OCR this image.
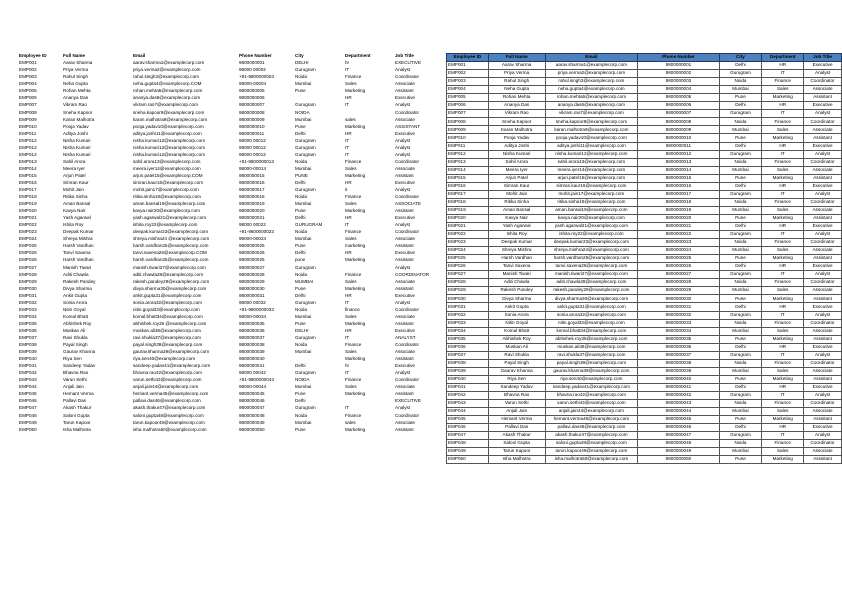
Employee ID	Full Name	Email	Phone Number	City	Department	Job Title
EMP001	Aarav Sharma	aarav.sharma1@examplecorp.com	9800000001	DELHI	hr	EXECUTIVE
EMP002	Priya Verma	priya.verma2@examplecorp.com	98000 00002	Gurugram	IT	Analyst
EMP003	Rahul Singh	rahul.singh3@examplecorp.com	+91-9800000003	Noida	Finance	Coordinator
EMP004	Neha Gupta	neha.gupta4@examplecorp.COM	98000-00004	Mumbai	Sales	Associate
EMP005	Rohan Mehta	rohan.mehta5@examplecorp.com	9800000005	Pune	Marketing	Assistant
EMP006	Ananya Das	ananya.das6@examplecorp.com	9800000006		HR	Executive
EMP007	Vikram Rao	vikram.rao7@examplecorp.com	9800000007	Gurugram	IT	Analyst
EMP008	Sneha Kapoor	sneha.kapoor8@examplecorp.com	9800000008	NOIDA		Coordinator
EMP009	Karan Malhotra	karan.malhotra9@examplecorp.com	9800000009	Mumbai	sales	Associate
EMP010	Pooja Yadav	pooja.yadav10@examplecorp.com	9800000010	Pune	Marketing	ASSISTANT
EMP011	Aditya Joshi	aditya.joshi11@examplecorp.com	9800000011	Delhi	HR	Executive
EMP012	Nisha Kumari	nisha.kumari12@examplecorp.com	98000 00012	Gurugram	IT	Analyst
EMP012	Nisha Kumari	nisha.kumari12@examplecorp.com	98000 00012	Gurugram	IT	Analyst
EMP012	Nisha Kumari	nisha.kumari12@examplecorp.com	98000 00012	Gurugram	IT	Analyst
EMP013	Sahil Arora	sahil.arora13@examplecorp.com	+91-9800000013	Noida	Finance	Coordinator
EMP014	Meera Iyer	meera.iyer14@examplecorp.com	98000-00014	Mumbai	Sales	Associate
EMP015	Arjun Patel	arjun.patel15@examplecorp.COM	9800000015	PUNE	Marketing	Assistant
EMP016	Simran Kaur	simran.kaur16@examplecorp.com	9800000016	Delhi	HR	Executive
EMP017	Mohit Jain	mohit.jain17@examplecorp.com	9800000017	Gurugram	it	Analyst
EMP018	Ritika Sinha	ritika.sinha18@examplecorp.com	9800000018	Noida	Finance	Coordinator
EMP019	Aman Bansal	aman.bansal19@examplecorp.com	9800000019	Mumbai	Sales	ASSOCIATE
EMP020	Kavya Nair	kavya.nair20@examplecorp.com	9800000020	Pune	Marketing	Assistant
EMP021	Yash Agarwal	yash.agarwal21@examplecorp.com	9800000021	Delhi	HR	Executive
EMP022	Ishita Roy	ishita.roy22@examplecorp.com	98000 00022	GURUGRAM	IT	Analyst
EMP023	Deepak Kumar	deepak.kumar23@examplecorp.com	+91-9800000023	Noida	Finance	Coordinator
EMP024	Shreya Mishra	shreya.mishra24 @examplecorp.com	98000-00024	Mumbai	Sales	Associate
EMP025	Harsh Vardhan	harsh.vardhan25@examplecorp.com	9800000025	Pune	marketing	Assistant
EMP026	Tanvi Saxena	tanvi.saxena26@examplecorp.COM	9800000026	Delhi	HR	Executive
EMP026	Harsh Vardhan	harsh.vardhan25@examplecorp.com	9800000025	pune	Marketing	Assistant
EMP027	Manish Tiwari	manish.tiwari27@examplecorp.com	9800000027	Gurugram		Analyst
EMP028	Aditi Chawla	aditi.chawla28@examplecorp.com	9800000028	Noida	Finance	COORDINATOR
EMP029	Rakesh Pandey	rakesh.pandey29@examplecorp.com	9800000029	MUMBAI	Sales	Associate
EMP030	Divya Sharma	divya.sharma30@examplecorp.com	9800000030	Pune	Marketing	Assistant
EMP031	Ankit Gupta	ankit.gupta31@examplecorp.com	9800000031	Delhi	HR	Executive
EMP032	Sonia Arora	sonia.arora32@examplecorp.com	98000 00032	Gurugram	IT	Analyst
EMP033	Nitin Goyal	nitin.goyal33@examplecorp.com	+91-9800000033	Noida	finance	Coordinator
EMP034	Komal Bhatt	komal.bhatt34@examplecorp.com	98000-00034	Mumbai	Sales	Associate
EMP035	Abhishek Roy	abhishek.roy35 @examplecorp.com	9800000035	Pune	Marketing	Assistant
EMP036	Muskan Ali	muskan.ali36@examplecorp.com	9800000036	DELHI	HR	Executive
EMP037	Ravi Shukla	ravi.shukla37@examplecorp.com	9800000037	Gurugram	IT	ANALYST
EMP038	Payal Singh	payal.singh38@examplecorp.com	9800000038	Noida	Finance	Coordinator
EMP039	Gaurav Khanna	gaurav.khanna39@examplecorp.com	9800000039	Mumbai	Sales	Associate
EMP040	Riya Sen	riya.sen40@examplecorp.com	9800000040		Marketing	Assistant
EMP041	Sandeep Yadav	sandeep.yadav41@examplecorp.com	9800000041	Delhi	hr	Executive
EMP042	Bhavna Rao	bhavna.rao42@examplecorp.com	98000 00042	Gurugram	IT	Analyst
EMP043	Varun Sethi	varun.sethi43@examplecorp.com	+91-9800000043	NOIDA	Finance	Coordinator
EMP044	Anjali Jain	anjali.jain44@examplecorp.com	98000-00044	Mumbai	Sales	Associate
EMP045	Hemant Verma	hemant.verma45@examplecorp.com	9800000045	Pune	Marketing	Assistant
EMP046	Pallavi Das	pallavi.das46@examplecorp.com	9800000046	Delhi		EXECUTIVE
EMP047	Akash Thakur	akash.thakur47@examplecorp.com	9800000047	Gurugram	IT	Analyst
EMP048	Saloni Gupta	saloni.gupta48@examplecorp.com	9800000048	Noida	Finance	Coordinator
EMP049	Tarun Kapoor	tarun.kapoor49@examplecorp.com	9800000049	Mumbai	sales	Associate
EMP050	Isha Malhotra	isha.malhotra50@examplecorp.com	9800000050	Pune	Marketing	Assistant
Employee ID	Full Name	Email	Phone Number	City	Department	Job Title
EMP001	Aarav Sharma	aarav.sharma1@examplecorp.com	9800000001	Delhi	HR	Executive
EMP002	Priya Verma	priya.verma2@examplecorp.com	9800000002	Gurugram	IT	Analyst
EMP003	Rahul Singh	rahul.singh3@examplecorp.com	9800000003	Noida	Finance	Coordinator
EMP004	Neha Gupta	neha.gupta4@examplecorp.com	9800000004	Mumbai	Sales	Associate
EMP005	Rohan Mehta	rohan.mehta5@examplecorp.com	9800000005	Pune	Marketing	Assistant
EMP006	Ananya Das	ananya.das6@examplecorp.com	9800000006	Delhi	HR	Executive
EMP007	Vikram Rao	vikram.rao7@examplecorp.com	9800000007	Gurugram	IT	Analyst
EMP008	Sneha Kapoor	sneha.kapoor8@examplecorp.com	9800000008	Noida	Finance	Coordinator
EMP009	Karan Malhotra	karan.malhotra9@examplecorp.com	9800000009	Mumbai	Sales	Associate
EMP010	Pooja Yadav	pooja.yadav10@examplecorp.com	9800000010	Pune	Marketing	Assistant
EMP011	Aditya Joshi	aditya.joshi11@examplecorp.com	9800000011	Delhi	HR	Executive
EMP012	Nisha Kumari	nisha.kumari12@examplecorp.com	9800000012	Gurugram	IT	Analyst
EMP013	Sahil Arora	sahil.arora13@examplecorp.com	9800000013	Noida	Finance	Coordinator
EMP014	Meera Iyer	meera.iyer14@examplecorp.com	9800000014	Mumbai	Sales	Associate
EMP015	Arjun Patel	arjun.patel15@examplecorp.com	9800000015	Pune	Marketing	Assistant
EMP016	Simran Kaur	simran.kaur16@examplecorp.com	9800000016	Delhi	HR	Executive
EMP017	Mohit Jain	mohit.jain17@examplecorp.com	9800000017	Gurugram	IT	Analyst
EMP018	Ritika Sinha	ritika.sinha18@examplecorp.com	9800000018	Noida	Finance	Coordinator
EMP019	Aman Bansal	aman.bansal19@examplecorp.com	9800000019	Mumbai	Sales	Associate
EMP020	Kavya Nair	kavya.nair20@examplecorp.com	9800000020	Pune	Marketing	Assistant
EMP021	Yash Agarwal	yash.agarwal21@examplecorp.com	9800000021	Delhi	HR	Executive
EMP022	Ishita Roy	ishita.roy22@examplecorp.com	9800000022	Gurugram	IT	Analyst
EMP023	Deepak Kumar	deepak.kumar23@examplecorp.com	9800000023	Noida	Finance	Coordinator
EMP024	Shreya Mishra	shreya.mishra24@examplecorp.com	9800000024	Mumbai	Sales	Associate
EMP025	Harsh Vardhan	harsh.vardhan25@examplecorp.com	9800000025	Pune	Marketing	Assistant
EMP026	Tanvi Saxena	tanvi.saxena26@examplecorp.com	9800000026	Delhi	HR	Executive
EMP027	Manish Tiwari	manish.tiwari27@examplecorp.com	9800000027	Gurugram	IT	Analyst
EMP028	Aditi Chawla	aditi.chawla28@examplecorp.com	9800000028	Noida	Finance	Coordinator
EMP029	Rakesh Pandey	rakesh.pandey29@examplecorp.com	9800000029	Mumbai	Sales	Associate
EMP030	Divya Sharma	divya.sharma30@examplecorp.com	9800000030	Pune	Marketing	Assistant
EMP031	Ankit Gupta	ankit.gupta31@examplecorp.com	9800000031	Delhi	HR	Executive
EMP032	Sonia Arora	sonia.arora32@examplecorp.com	9800000032	Gurugram	IT	Analyst
EMP033	Nitin Goyal	nitin.goyal33@examplecorp.com	9800000033	Noida	Finance	Coordinator
EMP034	Komal Bhatt	komal.bhatt34@examplecorp.com	9800000034	Mumbai	Sales	Associate
EMP035	Abhishek Roy	abhishek.roy35@examplecorp.com	9800000035	Pune	Marketing	Assistant
EMP036	Muskan Ali	muskan.ali36@examplecorp.com	9800000036	Delhi	HR	Executive
EMP037	Ravi Shukla	ravi.shukla37@examplecorp.com	9800000037	Gurugram	IT	Analyst
EMP038	Payal Singh	payal.singh38@examplecorp.com	9800000038	Noida	Finance	Coordinator
EMP039	Gaurav Khanna	gaurav.khanna39@examplecorp.com	9800000039	Mumbai	Sales	Associate
EMP040	Riya Sen	riya.sen40@examplecorp.com	9800000040	Pune	Marketing	Assistant
EMP041	Sandeep Yadav	sandeep.yadav41@examplecorp.com	9800000041	Delhi	HR	Executive
EMP042	Bhavna Rao	bhavna.rao42@examplecorp.com	9800000042	Gurugram	IT	Analyst
EMP043	Varun Sethi	varun.sethi43@examplecorp.com	9800000043	Noida	Finance	Coordinator
EMP044	Anjali Jain	anjali.jain44@examplecorp.com	9800000044	Mumbai	Sales	Associate
EMP045	Hemant Verma	hemant.verma45@examplecorp.com	9800000045	Pune	Marketing	Assistant
EMP046	Pallavi Das	pallavi.das46@examplecorp.com	9800000046	Delhi	HR	Executive
EMP047	Akash Thakur	akash.thakur47@examplecorp.com	9800000047	Gurugram	IT	Analyst
EMP048	Saloni Gupta	saloni.gupta48@examplecorp.com	9800000048	Noida	Finance	Coordinator
EMP049	Tarun Kapoor	tarun.kapoor49@examplecorp.com	9800000049	Mumbai	Sales	Associate
EMP050	Isha Malhotra	isha.malhotra50@examplecorp.com	9800000050	Pune	Marketing	Assistant
